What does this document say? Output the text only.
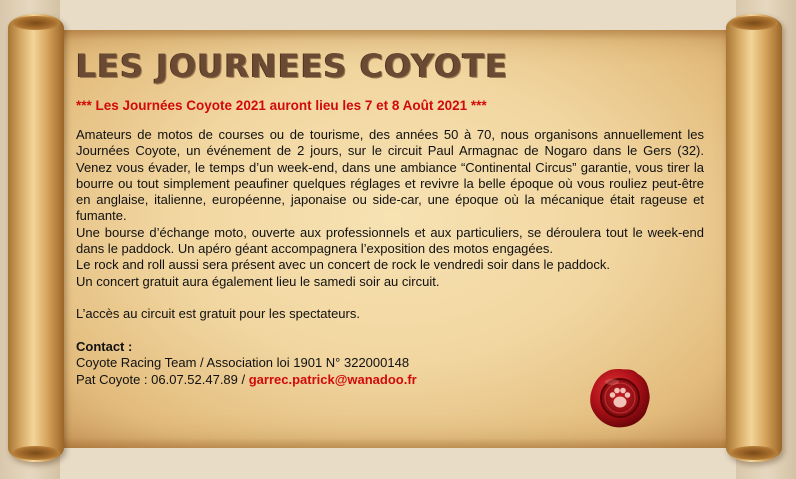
LES JOURNEES COYOTE
*** Les Journées Coyote 2021 auront lieu les 7 et 8 Août 2021 ***
Amateurs de motos de courses ou de tourisme, des années 50 à 70, nous organisons annuellement les Journées Coyote, un événement de 2 jours, sur le circuit Paul Armagnac de Nogaro dans le Gers (32). Venez vous évader, le temps d’un week-end, dans une ambiance “Continental Circus” garantie, vous tirer la bourre ou tout simplement peaufiner quelques réglages et revivre la belle époque où vous rouliez peut-être en anglaise, italienne, européenne, japonaise ou side-car, une époque où la mécanique était rageuse et fumante.
Une bourse d’échange moto, ouverte aux professionnels et aux particuliers, se déroulera tout le week-end dans le paddock. Un apéro géant accompagnera l’exposition des motos engagées.
Le rock and roll aussi sera présent avec un concert de rock le vendredi soir dans le paddock.
Un concert gratuit aura également lieu le samedi soir au circuit.
L’accès au circuit est gratuit pour les spectateurs.
Contact :
Coyote Racing Team / Association loi 1901 N° 322000148
Pat Coyote : 06.07.52.47.89 / garrec.patrick@wanadoo.fr
